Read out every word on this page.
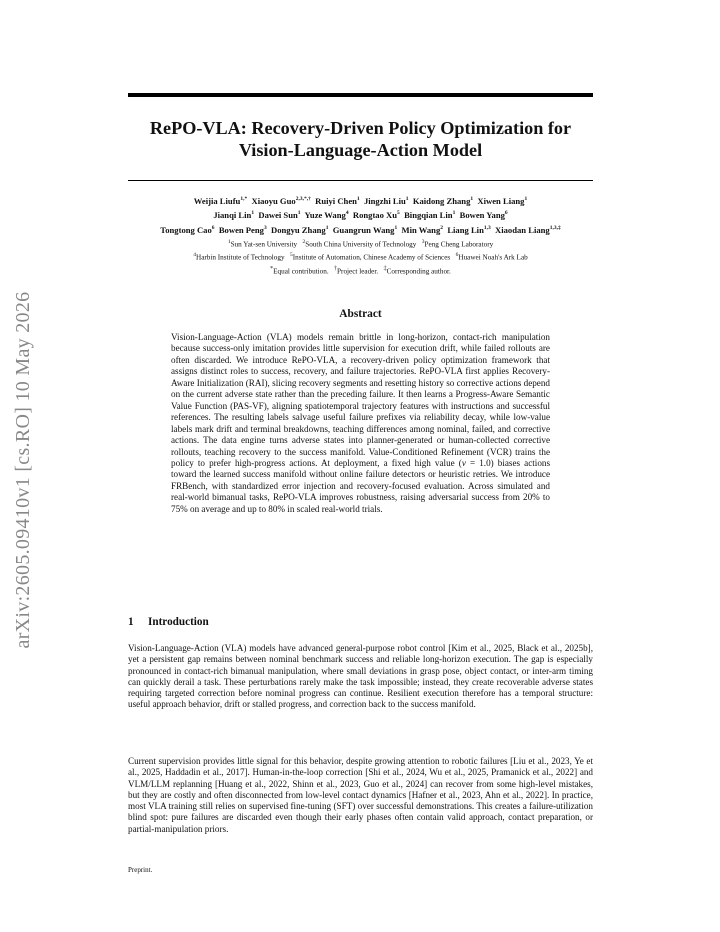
arXiv:2605.09410v1 [cs.RO] 10 May 2026
RePO-VLA: Recovery-Driven Policy Optimization for
Vision-Language-Action Model
Weijia Liufu$^{1,*}$  Xiaoyu Guo$^{2,3,*,\dagger}$  Ruiyi Chen$^1$  Jingzhi Liu$^1$  Kaidong Zhang$^1$  Xiwen Liang$^1$
Jianqi Lin$^1$  Dawei Sun$^1$  Yuze Wang$^4$  Rongtao Xu$^5$  Bingqian Lin$^1$  Bowen Yang$^6$
Tongtong Cao$^6$  Bowen Peng$^3$  Dongyu Zhang$^1$  Guangrun Wang$^1$  Min Wang$^2$  Liang Lin$^{1,3}$  Xiaodan Liang$^{1,3,\ddagger}$
$^1$Sun Yat-sen University   $^2$South China University of Technology   $^3$Peng Cheng Laboratory
$^4$Harbin Institute of Technology   $^5$Institute of Automation, Chinese Academy of Sciences   $^6$Huawei Noah's Ark Lab
*Equal contribution.   †Project leader.   ‡Corresponding author.
Abstract
Vision-Language-Action (VLA) models remain brittle in long-horizon, contact-rich manipulation because success-only imitation provides little supervision for execution drift, while failed rollouts are often discarded. We introduce RePO-VLA, a recovery-driven policy optimization framework that assigns distinct roles to success, recovery, and failure trajectories. RePO-VLA first applies Recovery-Aware Initialization (RAI), slicing recovery segments and resetting history so corrective actions depend on the current adverse state rather than the preceding failure. It then learns a Progress-Aware Semantic Value Function (PAS-VF), aligning spatiotemporal trajectory features with instructions and successful references. The resulting labels salvage useful failure prefixes via reliability decay, while low-value labels mark drift and terminal breakdowns, teaching differences among nominal, failed, and corrective actions. The data engine turns adverse states into planner-generated or human-collected corrective rollouts, teaching recovery to the success manifold. Value-Conditioned Refinement (VCR) trains the policy to prefer high-progress actions. At deployment, a fixed high value (v = 1.0) biases actions toward the learned success manifold without online failure detectors or heuristic retries. We introduce FRBench, with standardized error injection and recovery-focused evaluation. Across simulated and real-world bimanual tasks, RePO-VLA improves robustness, raising adversarial success from 20% to 75% on average and up to 80% in scaled real-world trials.
1 Introduction
Vision-Language-Action (VLA) models have advanced general-purpose robot control [Kim et al., 2025, Black et al., 2025b], yet a persistent gap remains between nominal benchmark success and reliable long-horizon execution. The gap is especially pronounced in contact-rich bimanual manipulation, where small deviations in grasp pose, object contact, or inter-arm timing can quickly derail a task. These perturbations rarely make the task impossible; instead, they create recoverable adverse states requiring targeted correction before nominal progress can continue. Resilient execution therefore has a temporal structure: useful approach behavior, drift or stalled progress, and correction back to the success manifold.
Current supervision provides little signal for this behavior, despite growing attention to robotic failures [Liu et al., 2023, Ye et al., 2025, Haddadin et al., 2017]. Human-in-the-loop correction [Shi et al., 2024, Wu et al., 2025, Pramanick et al., 2022] and VLM/LLM replanning [Huang et al., 2022, Shinn et al., 2023, Guo et al., 2024] can recover from some high-level mistakes, but they are costly and often disconnected from low-level contact dynamics [Hafner et al., 2023, Ahn et al., 2022]. In practice, most VLA training still relies on supervised fine-tuning (SFT) over successful demonstrations. This creates a failure-utilization blind spot: pure failures are discarded even though their early phases often contain valid approach, contact preparation, or partial-manipulation priors.
Preprint.
